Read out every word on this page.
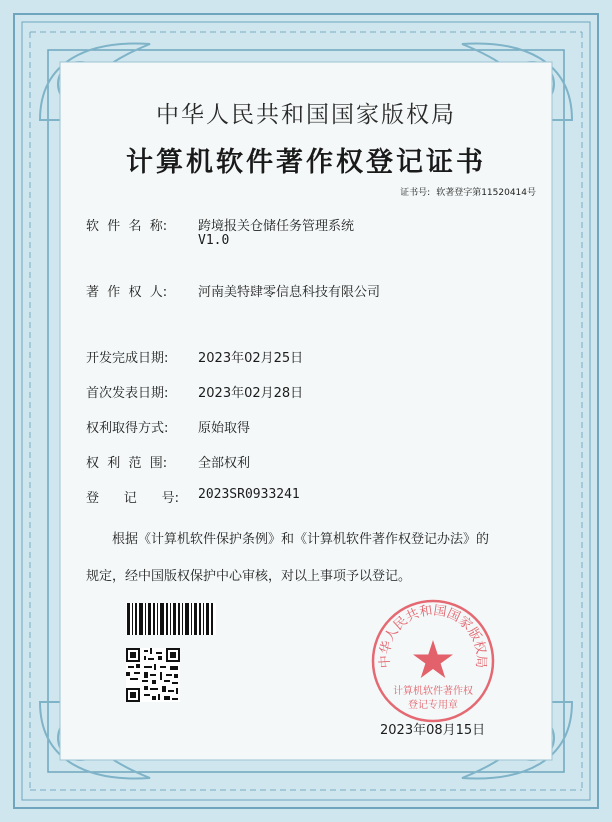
中华人民共和国国家版权局
计算机软件著作权登记证书
证书号: 软著登字第11520414号
软  件  名  称: 跨境报关仓储任务管理系统
V1.0
著  作  权  人: 河南美特肆零信息科技有限公司
开发完成日期: 2023年02月25日
首次发表日期: 2023年02月28日
权利取得方式: 原始取得
权  利  范  围: 全部权利
登      记      号: 2023SR0933241
根据《计算机软件保护条例》和《计算机软件著作权登记办法》的
规定，经中国版权保护中心审核，对以上事项予以登记。
中华人民共和国国家版权局
计算机软件著作权
登记专用章
2023年08月15日
